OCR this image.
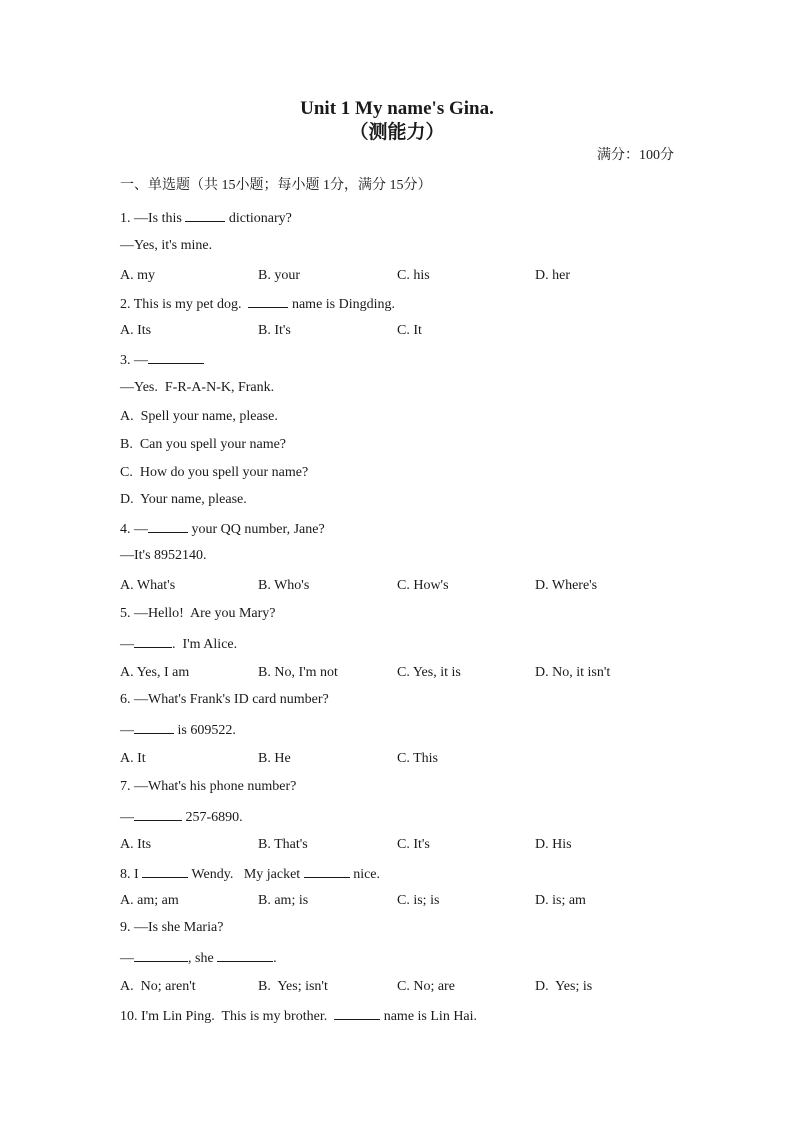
Unit 1 My name's Gina.
（测能力）
满分：100分
一、单选题（共 15小题；每小题 1分，满分 15分）
1. —Is this	dictionary?
—Yes, it's mine.
A. my	B. your	C. his	D. her
2. This is my pet dog.	name is Dingding.
A. Its	B. It's	C. It
3. —
—Yes.  F-R-A-N-K, Frank.
A.  Spell your name, please.
B.  Can you spell your name?
C.  How do you spell your name?
D.  Your name, please.
4. —	your QQ number, Jane?
—It's 8952140.
A. What's	B. Who's	C. How's	D. Where's
5. —Hello!  Are you Mary?
—	.  I'm Alice.
A. Yes, I am	B. No, I'm not	C. Yes, it is	D. No, it isn't
6. —What's Frank's ID card number?
—	is 609522.
A. It	B. He	C. This
7. —What's his phone number?
—	257-6890.
A. Its	B. That's	C. It's	D. His
8. I	Wendy.   My jacket	nice.
A. am; am	B. am; is	C. is; is	D. is; am
9. —Is she Maria?
—	, she	.
A.  No; aren't	B.  Yes; isn't	C. No; are	D.  Yes; is
10. I'm Lin Ping.  This is my brother.	name is Lin Hai.
